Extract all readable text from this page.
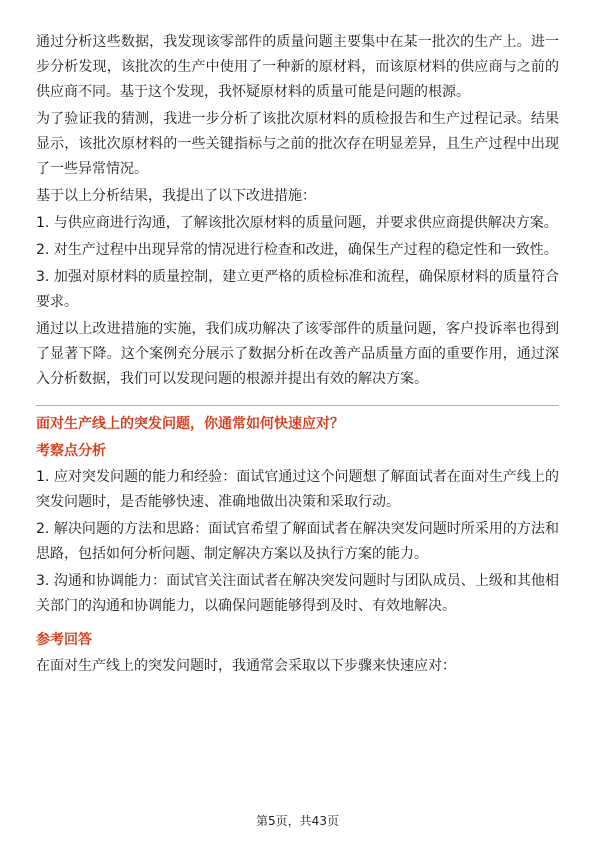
通过分析这些数据，我发现该零部件的质量问题主要集中在某一批次的生产上。进一步分析发现，该批次的生产中使用了一种新的原材料，而该原材料的供应商与之前的供应商不同。基于这个发现，我怀疑原材料的质量可能是问题的根源。

为了验证我的猜测，我进一步分析了该批次原材料的质检报告和生产过程记录。结果显示，该批次原材料的一些关键指标与之前的批次存在明显差异，且生产过程中出现了一些异常情况。

基于以上分析结果，我提出了以下改进措施：

1. 与供应商进行沟通，了解该批次原材料的质量问题，并要求供应商提供解决方案。

2. 对生产过程中出现异常的情况进行检查和改进，确保生产过程的稳定性和一致性。

3. 加强对原材料的质量控制，建立更严格的质检标准和流程，确保原材料的质量符合要求。

通过以上改进措施的实施，我们成功解决了该零部件的质量问题，客户投诉率也得到了显著下降。这个案例充分展示了数据分析在改善产品质量方面的重要作用，通过深入分析数据，我们可以发现问题的根源并提出有效的解决方案。

面对生产线上的突发问题，你通常如何快速应对？
考察点分析

1. 应对突发问题的能力和经验：面试官通过这个问题想了解面试者在面对生产线上的突发问题时，是否能够快速、准确地做出决策和采取行动。

2. 解决问题的方法和思路：面试官希望了解面试者在解决突发问题时所采用的方法和思路，包括如何分析问题、制定解决方案以及执行方案的能力。

3. 沟通和协调能力：面试官关注面试者在解决突发问题时与团队成员、上级和其他相关部门的沟通和协调能力，以确保问题能够得到及时、有效地解决。

参考回答

在面对生产线上的突发问题时，我通常会采取以下步骤来快速应对：

第5页，共43页
